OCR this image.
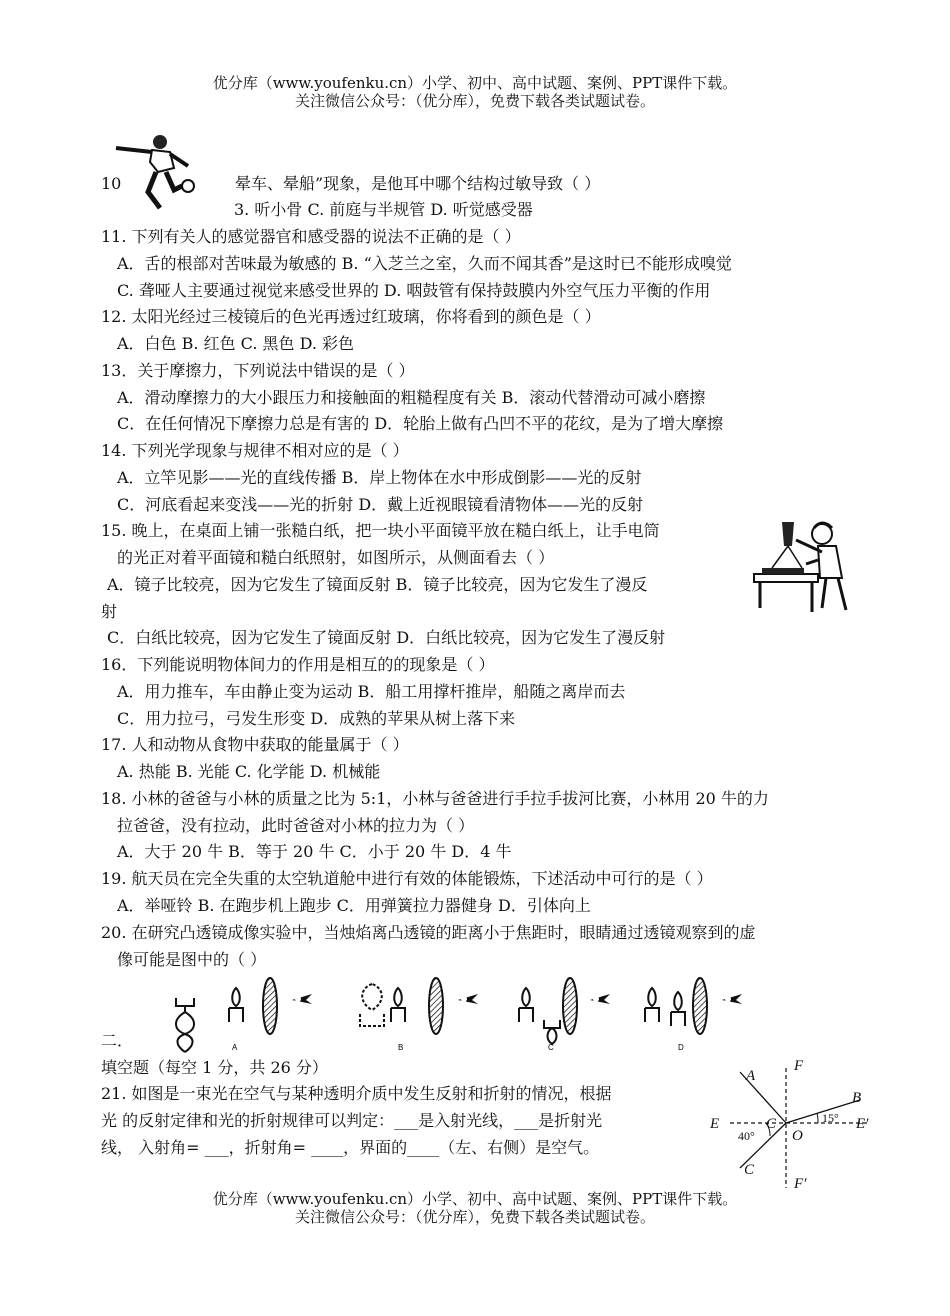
优分库（www.youfenku.cn）小学、初中、高中试题、案例、PPT课件下载。
关注微信公众号：（优分库），免费下载各类试题试卷。
10	晕车、晕船”现象，是他耳中哪个结构过敏导致（ ）
3. 听小骨 C. 前庭与半规管 D. 听觉感受器
11. 下列有关人的感觉器官和感受器的说法不正确的是（ ）
A．舌的根部对苦味最为敏感的 B. “入芝兰之室，久而不闻其香”是这时已不能形成嗅觉
C. 聋哑人主要通过视觉来感受世界的 D. 咽鼓管有保持鼓膜内外空气压力平衡的作用
12. 太阳光经过三棱镜后的色光再透过红玻璃，你将看到的颜色是（ ）
A．白色 B. 红色 C. 黑色 D. 彩色
13．关于摩擦力，下列说法中错误的是（ ）
A．滑动摩擦力的大小跟压力和接触面的粗糙程度有关 B．滚动代替滑动可减小磨擦
C．在任何情况下摩擦力总是有害的 D．轮胎上做有凸凹不平的花纹，是为了增大摩擦
14. 下列光学现象与规律不相对应的是（ ）
A．立竿见影——光的直线传播 B．岸上物体在水中形成倒影——光的反射
C．河底看起来变浅——光的折射 D．戴上近视眼镜看清物体——光的反射
15. 晚上，在桌面上铺一张糙白纸，把一块小平面镜平放在糙白纸上，让手电筒
的光正对着平面镜和糙白纸照射，如图所示，从侧面看去（ ）
A．镜子比较亮，因为它发生了镜面反射 B．镜子比较亮，因为它发生了漫反
射
C．白纸比较亮，因为它发生了镜面反射 D．白纸比较亮，因为它发生了漫反射
16．下列能说明物体间力的作用是相互的的现象是（ ）
A．用力推车，车由静止变为运动 B．船工用撑杆推岸，船随之离岸而去
C．用力拉弓，弓发生形变 D．成熟的苹果从树上落下来
17. 人和动物从食物中获取的能量属于（ ）
A. 热能 B. 光能 C. 化学能 D. 机械能
18. 小林的爸爸与小林的质量之比为 5:1，小林与爸爸进行手拉手拔河比赛，小林用 20 牛的力
拉爸爸，没有拉动，此时爸爸对小林的拉力为（ ）
A．大于 20 牛 B．等于 20 牛 C．小于 20 牛 D．4 牛
19. 航天员在完全失重的太空轨道舱中进行有效的体能锻炼，下述活动中可行的是（ ）
A．举哑铃 B. 在跑步机上跑步 C．用弹簧拉力器健身 D．引体向上
20. 在研究凸透镜成像实验中，当烛焰离凸透镜的距离小于焦距时，眼睛通过透镜观察到的虚
像可能是图中的（ ）
A	B	C	D
二．
填空题（每空 1 分，共 26 分）
21. 如图是一束光在空气与某种透明介质中发生反射和折射的情况，根据
光 的反射定律和光的折射规律可以判定：___是入射光线，___是折射光
线， 入射角= ___，折射角= ____，界面的____（左、右侧）是空气。
A
B
C
C
E	E′
F
F′
O
40°
15°
优分库（www.youfenku.cn）小学、初中、高中试题、案例、PPT课件下载。
关注微信公众号：（优分库），免费下载各类试题试卷。
